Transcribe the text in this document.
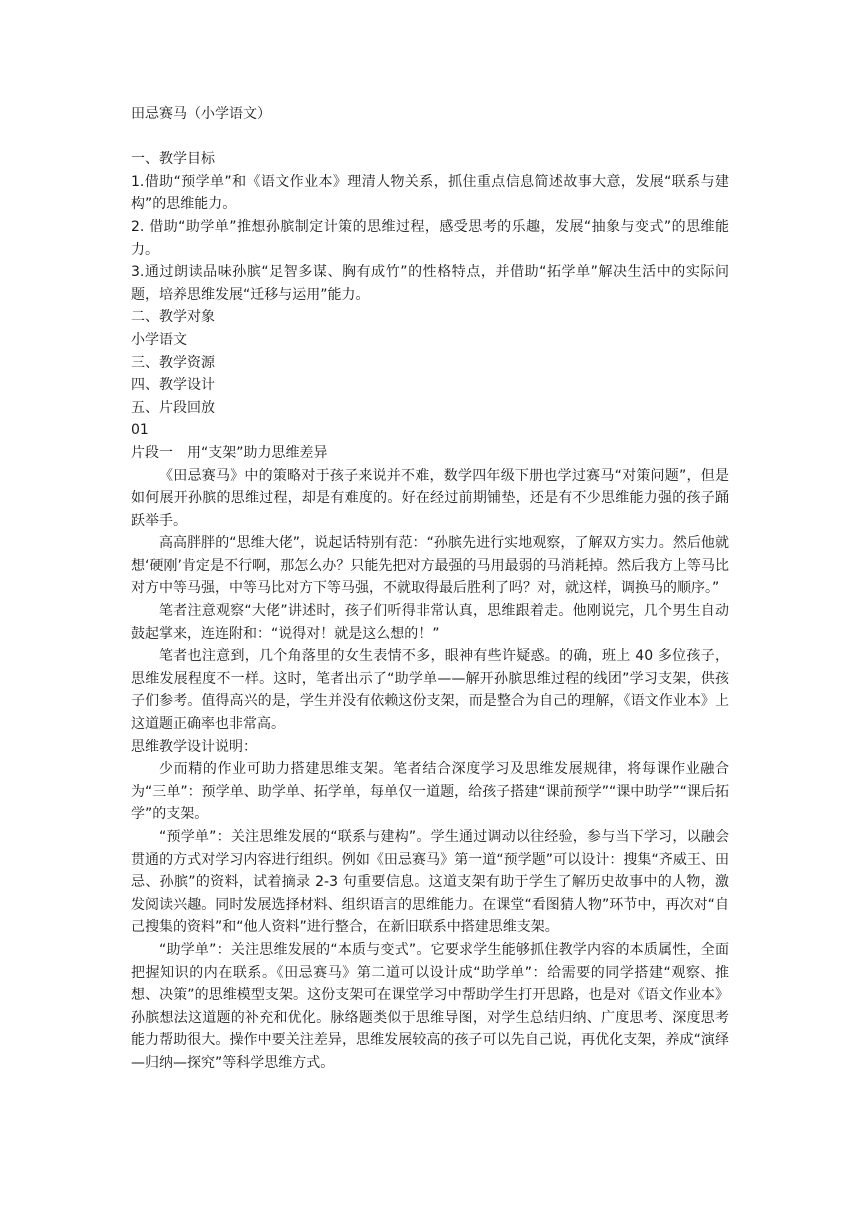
田忌赛马（小学语文）

一、教学目标

1.借助“预学单”和《语文作业本》理清人物关系，抓住重点信息简述故事大意，发展“联系与建构”的思维能力。

2. 借助“助学单”推想孙膑制定计策的思维过程，感受思考的乐趣，发展“抽象与变式”的思维能力。

3.通过朗读品味孙膑“足智多谋、胸有成竹”的性格特点，并借助“拓学单”解决生活中的实际问题，培养思维发展“迁移与运用”能力。

二、教学对象

小学语文

三、教学资源

四、教学设计

五、片段回放

01

片段一　用“支架”助力思维差异

《田忌赛马》中的策略对于孩子来说并不难，数学四年级下册也学过赛马“对策问题”，但是如何展开孙膑的思维过程，却是有难度的。好在经过前期铺垫，还是有不少思维能力强的孩子踊跃举手。

高高胖胖的“思维大佬”，说起话特别有范：“孙膑先进行实地观察，了解双方实力。然后他就想‘硬刚’肯定是不行啊，那怎么办？只能先把对方最强的马用最弱的马消耗掉。然后我方上等马比对方中等马强，中等马比对方下等马强，不就取得最后胜利了吗？对，就这样，调换马的顺序。”

笔者注意观察“大佬”讲述时，孩子们听得非常认真，思维跟着走。他刚说完，几个男生自动鼓起掌来，连连附和：“说得对！就是这么想的！”

笔者也注意到，几个角落里的女生表情不多，眼神有些许疑惑。的确，班上 40 多位孩子，思维发展程度不一样。这时，笔者出示了“助学单——解开孙膑思维过程的线团”学习支架，供孩子们参考。值得高兴的是，学生并没有依赖这份支架，而是整合为自己的理解，《语文作业本》上这道题正确率也非常高。

思维教学设计说明：

少而精的作业可助力搭建思维支架。笔者结合深度学习及思维发展规律，将每课作业融合为“三单”：预学单、助学单、拓学单，每单仅一道题，给孩子搭建“课前预学”“课中助学”“课后拓学”的支架。

“预学单”：关注思维发展的“联系与建构”。学生通过调动以往经验，参与当下学习，以融会贯通的方式对学习内容进行组织。例如《田忌赛马》第一道“预学题”可以设计：搜集“齐威王、田忌、孙膑”的资料，试着摘录 2-3 句重要信息。这道支架有助于学生了解历史故事中的人物，激发阅读兴趣。同时发展选择材料、组织语言的思维能力。在课堂“看图猜人物”环节中，再次对“自己搜集的资料”和“他人资料”进行整合，在新旧联系中搭建思维支架。

“助学单”：关注思维发展的“本质与变式”。它要求学生能够抓住教学内容的本质属性，全面把握知识的内在联系。《田忌赛马》第二道可以设计成“助学单”：给需要的同学搭建“观察、推想、决策”的思维模型支架。这份支架可在课堂学习中帮助学生打开思路，也是对《语文作业本》孙膑想法这道题的补充和优化。脉络题类似于思维导图，对学生总结归纳、广度思考、深度思考能力帮助很大。操作中要关注差异，思维发展较高的孩子可以先自己说，再优化支架，养成“演绎—归纳—探究”等科学思维方式。
